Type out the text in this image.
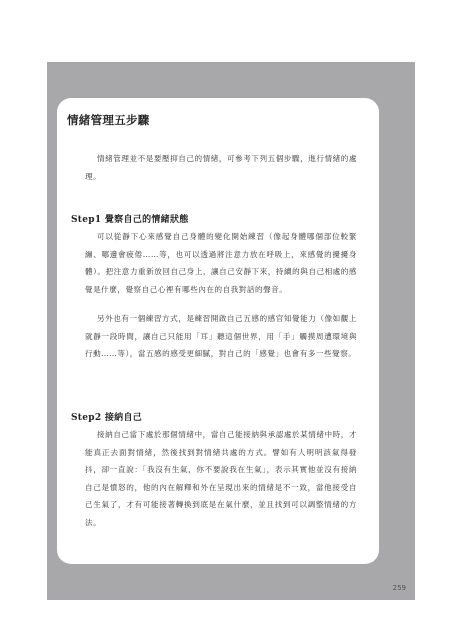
情緒管理五步驟

情緒管理並不是要壓抑自己的情緒，可參考下列五個步驟，進行情緒的處理。

Step1 覺察自己的情緒狀態

可以從靜下心來感覺自己身體的變化開始練習（像起身體哪個部位較緊繃、哪邊會疲倦……等，也可以透過將注意力放在呼吸上，來感覺的擾擾身體）。把注意力重新放回自己身上，讓自己安靜下來，持續的與自己相處的感覺是什麼，覺察自己心裡有哪些內在的自我對話的聲音。

另外也有一個練習方式，是練習開啟自己五感的感官知覺能力（像如觀上就靜一段時間，讓自己只能用「耳」聽這個世界，用「手」觸摸周遭環境與行動……等），當五感的感受更細膩，對自己的「感覺」也會有多一些覺察。

Step2 接納自己

接納自己當下處於那個情緒中，當自己能接納與承認處於某情緒中時，才能真正去面對情緒，然後找到對情緒共處的方式。譬如有人明明該氣得發抖，卻一直說：「我沒有生氣，你不要說我在生氣」，表示其實他並沒有接納自己是憤怒的，他的內在解釋和外在呈現出來的情緒是不一致，當他接受自己生氣了，才有可能接著轉換到底是在氣什麼，並且找到可以調整情緒的方法。

259
